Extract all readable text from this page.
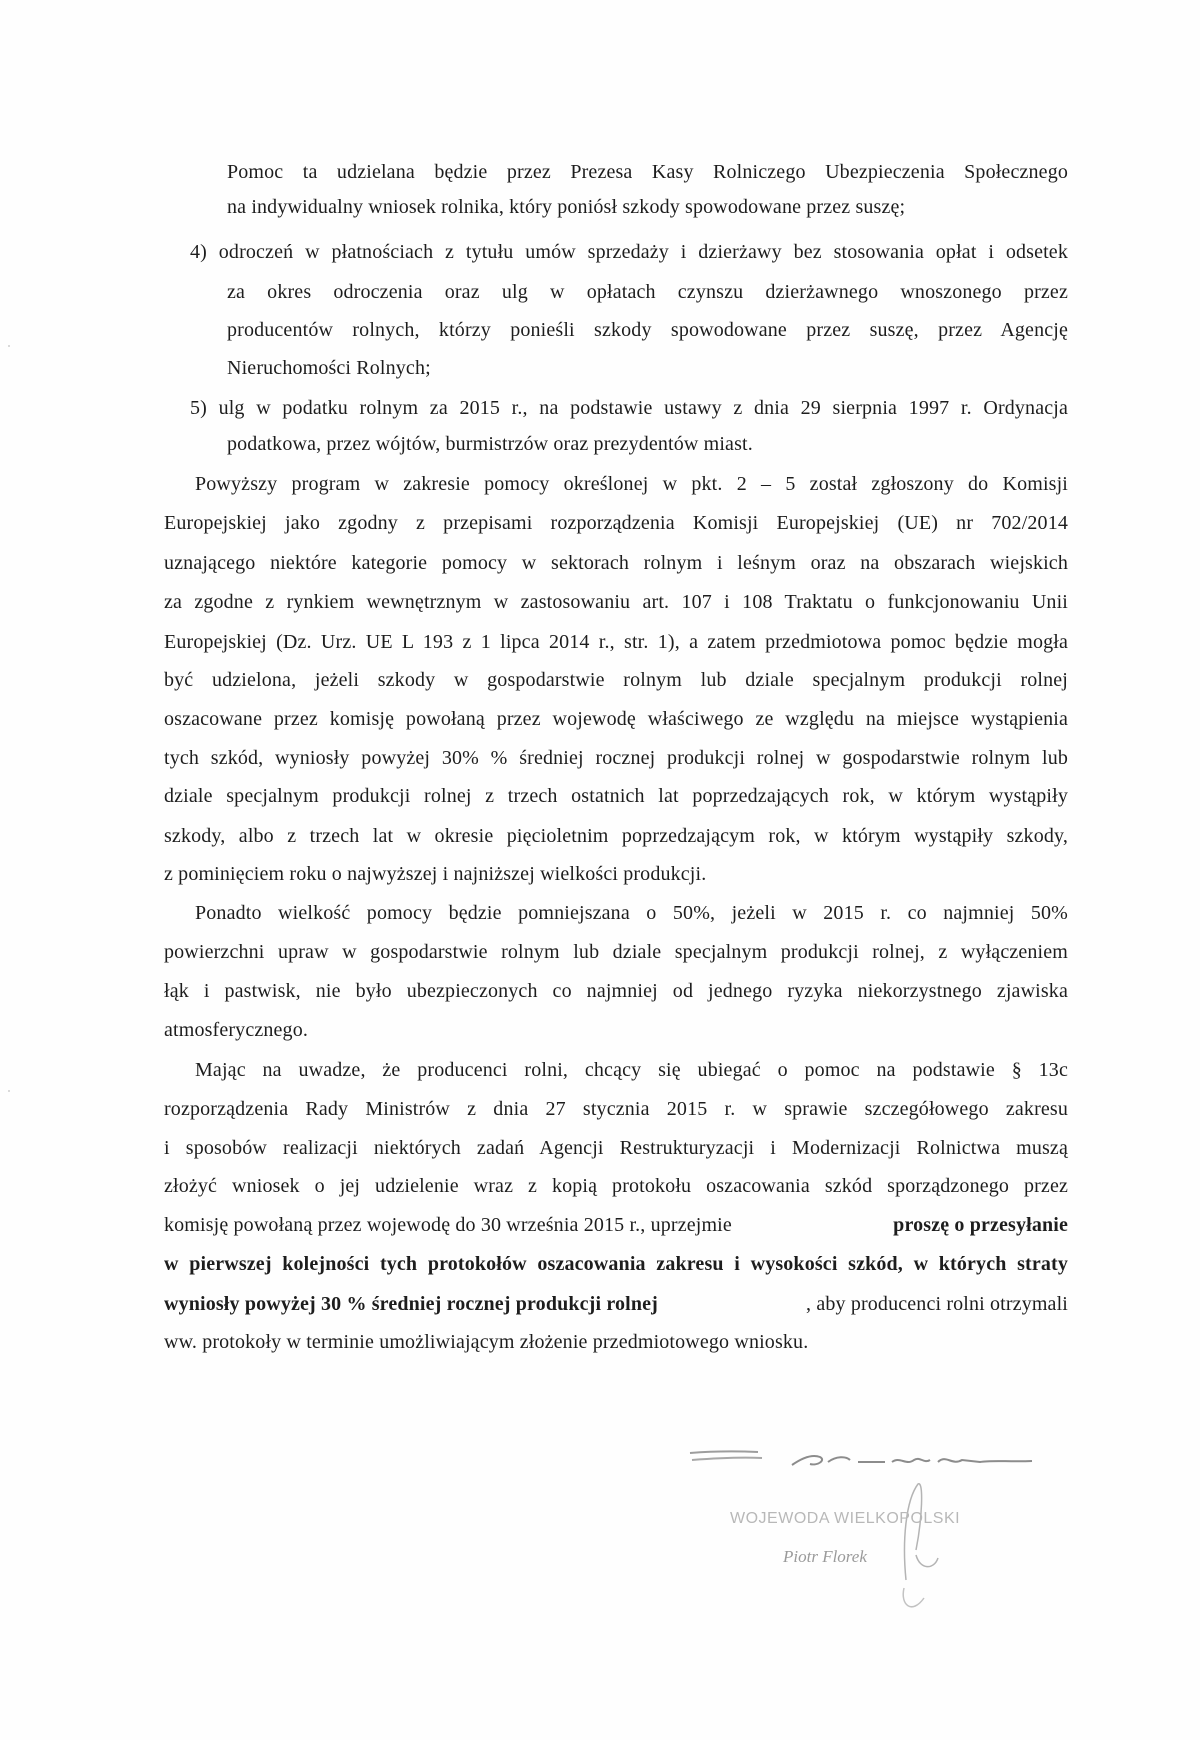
Pomoc ta udzielana będzie przez Prezesa Kasy Rolniczego Ubezpieczenia Społecznego
na indywidualny wniosek rolnika, który poniósł szkody spowodowane przez suszę;
4) odroczeń w płatnościach z tytułu umów sprzedaży i dzierżawy bez stosowania opłat i odsetek
za okres odroczenia oraz ulg w opłatach czynszu dzierżawnego wnoszonego przez
producentów rolnych, którzy ponieśli szkody spowodowane przez suszę, przez Agencję
Nieruchomości Rolnych;
5) ulg w podatku rolnym za 2015 r., na podstawie ustawy z dnia 29 sierpnia 1997 r. Ordynacja
podatkowa, przez wójtów, burmistrzów oraz prezydentów miast.
Powyższy program w zakresie pomocy określonej w pkt. 2 – 5 został zgłoszony do Komisji
Europejskiej jako zgodny z przepisami rozporządzenia Komisji Europejskiej (UE) nr 702/2014
uznającego niektóre kategorie pomocy w sektorach rolnym i leśnym oraz na obszarach wiejskich
za zgodne z rynkiem wewnętrznym w zastosowaniu art. 107 i 108 Traktatu o funkcjonowaniu Unii
Europejskiej (Dz. Urz. UE L 193 z 1 lipca 2014 r., str. 1), a zatem przedmiotowa pomoc będzie mogła
być udzielona, jeżeli szkody w gospodarstwie rolnym lub dziale specjalnym produkcji rolnej
oszacowane przez komisję powołaną przez wojewodę właściwego ze względu na miejsce wystąpienia
tych szkód, wyniosły powyżej 30% % średniej rocznej produkcji rolnej w gospodarstwie rolnym lub
dziale specjalnym produkcji rolnej z trzech ostatnich lat poprzedzających rok, w którym wystąpiły
szkody, albo z trzech lat w okresie pięcioletnim poprzedzającym rok, w którym wystąpiły szkody,
z pominięciem roku o najwyższej i najniższej wielkości produkcji.
Ponadto wielkość pomocy będzie pomniejszana o 50%, jeżeli w 2015 r. co najmniej 50%
powierzchni upraw w gospodarstwie rolnym lub dziale specjalnym produkcji rolnej, z wyłączeniem
łąk i pastwisk, nie było ubezpieczonych co najmniej od jednego ryzyka niekorzystnego zjawiska
atmosferycznego.
Mając na uwadze, że producenci rolni, chcący się ubiegać o pomoc na podstawie § 13c
rozporządzenia Rady Ministrów z dnia 27 stycznia 2015 r. w sprawie szczegółowego zakresu
i sposobów realizacji niektórych zadań Agencji Restrukturyzacji i Modernizacji Rolnictwa muszą
złożyć wniosek o jej udzielenie wraz z kopią protokołu oszacowania szkód sporządzonego przez
komisję powołaną przez wojewodę do 30 września 2015 r., uprzejmie	proszę o przesyłanie
w pierwszej kolejności tych protokołów oszacowania zakresu i wysokości szkód, w których straty
wyniosły powyżej 30 % średniej rocznej produkcji rolnej	, aby producenci rolni otrzymali
ww. protokoły w terminie umożliwiającym złożenie przedmiotowego wniosku.
WOJEWODA WIELKOPOLSKI
Piotr Florek
